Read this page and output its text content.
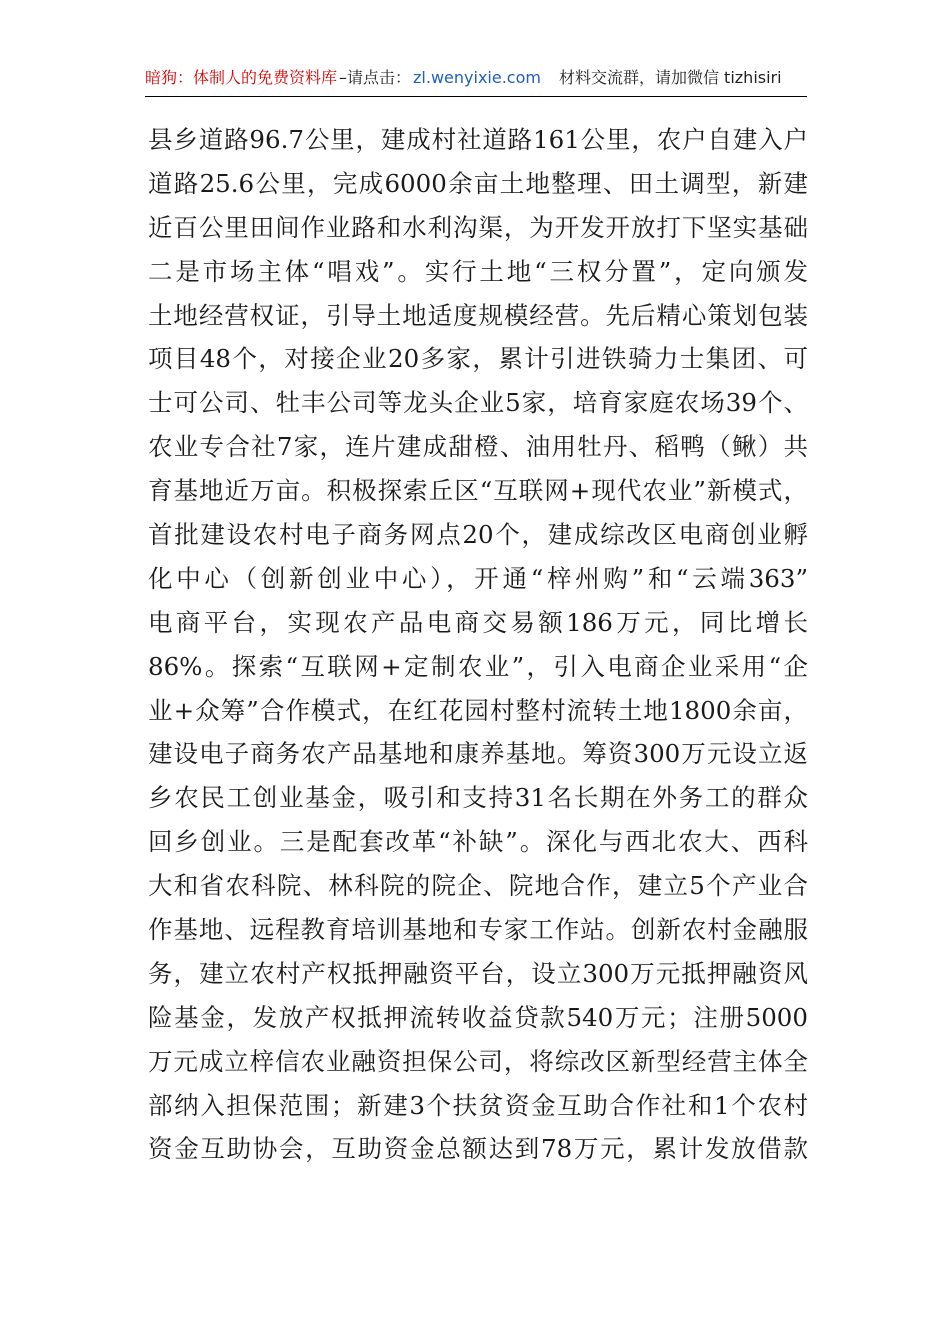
暗狗：体制人的免费资料库 –请点击： zl.wenyixie.com 材料交流群，请加微信 tizhisiri
县乡道路96.7公里，建成村社道路161公里，农户自建入户
道路25.6公里，完成6000余亩土地整理、田土调型，新建
近百公里田间作业路和水利沟渠，为开发开放打下坚实基础
二是市场主体“唱戏”。实行土地“三权分置”，定向颁发
土地经营权证，引导土地适度规模经营。先后精心策划包装
项目48个，对接企业20多家，累计引进铁骑力士集团、可
士可公司、牡丰公司等龙头企业5家，培育家庭农场39个、
农业专合社7家，连片建成甜橙、油用牡丹、稻鸭（鳅）共
育基地近万亩。积极探索丘区“互联网+现代农业”新模式，
首批建设农村电子商务网点20个，建成综改区电商创业孵
化中心（创新创业中心），开通“梓州购”和“云端363”
电商平台，实现农产品电商交易额186万元，同比增长
86%。探索“互联网+定制农业”，引入电商企业采用“企
业+众筹”合作模式，在红花园村整村流转土地1800余亩，
建设电子商务农产品基地和康养基地。筹资300万元设立返
乡农民工创业基金，吸引和支持31名长期在外务工的群众
回乡创业。三是配套改革“补缺”。深化与西北农大、西科
大和省农科院、林科院的院企、院地合作，建立5个产业合
作基地、远程教育培训基地和专家工作站。创新农村金融服
务，建立农村产权抵押融资平台，设立300万元抵押融资风
险基金，发放产权抵押流转收益贷款540万元；注册5000
万元成立梓信农业融资担保公司，将综改区新型经营主体全
部纳入担保范围；新建3个扶贫资金互助合作社和1个农村
资金互助协会，互助资金总额达到78万元，累计发放借款
